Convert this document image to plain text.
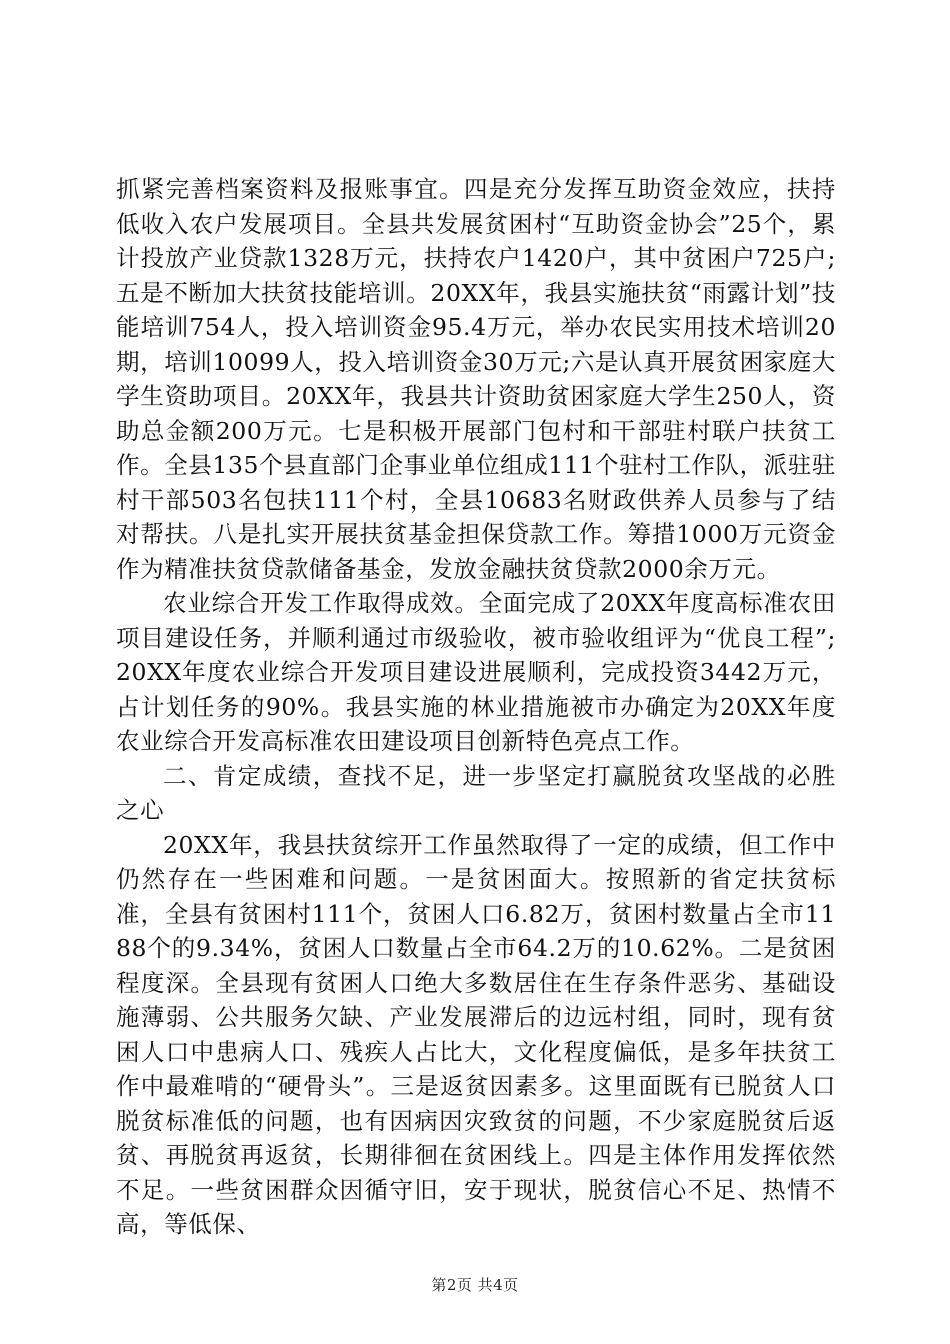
抓紧完善档案资料及报账事宜。四是充分发挥互助资金效应，扶持低收入农户发展项目。全县共发展贫困村“互助资金协会”25个，累计投放产业贷款1328万元，扶持农户1420户，其中贫困户725户;五是不断加大扶贫技能培训。20XX年，我县实施扶贫“雨露计划”技能培训754人，投入培训资金95.4万元，举办农民实用技术培训20期，培训10099人，投入培训资金30万元;六是认真开展贫困家庭大学生资助项目。20XX年，我县共计资助贫困家庭大学生250人，资助总金额200万元。七是积极开展部门包村和干部驻村联户扶贫工作。全县135个县直部门企事业单位组成111个驻村工作队，派驻驻村干部503名包扶111个村，全县10683名财政供养人员参与了结对帮扶。八是扎实开展扶贫基金担保贷款工作。筹措1000万元资金作为精准扶贫贷款储备基金，发放金融扶贫贷款2000余万元。

农业综合开发工作取得成效。全面完成了20XX年度高标准农田项目建设任务，并顺利通过市级验收，被市验收组评为“优良工程”;20XX年度农业综合开发项目建设进展顺利，完成投资3442万元，占计划任务的90%。我县实施的林业措施被市办确定为20XX年度农业综合开发高标准农田建设项目创新特色亮点工作。

二、肯定成绩，查找不足，进一步坚定打赢脱贫攻坚战的必胜之心

20XX年，我县扶贫综开工作虽然取得了一定的成绩，但工作中仍然存在一些困难和问题。一是贫困面大。按照新的省定扶贫标准，全县有贫困村111个，贫困人口6.82万，贫困村数量占全市1188个的9.34%，贫困人口数量占全市64.2万的10.62%。二是贫困程度深。全县现有贫困人口绝大多数居住在生存条件恶劣、基础设施薄弱、公共服务欠缺、产业发展滞后的边远村组，同时，现有贫困人口中患病人口、残疾人占比大，文化程度偏低，是多年扶贫工作中最难啃的“硬骨头”。三是返贫因素多。这里面既有已脱贫人口脱贫标准低的问题，也有因病因灾致贫的问题，不少家庭脱贫后返贫、再脱贫再返贫，长期徘徊在贫困线上。四是主体作用发挥依然不足。一些贫困群众因循守旧，安于现状，脱贫信心不足、热情不高，等低保、

第2页 共4页
